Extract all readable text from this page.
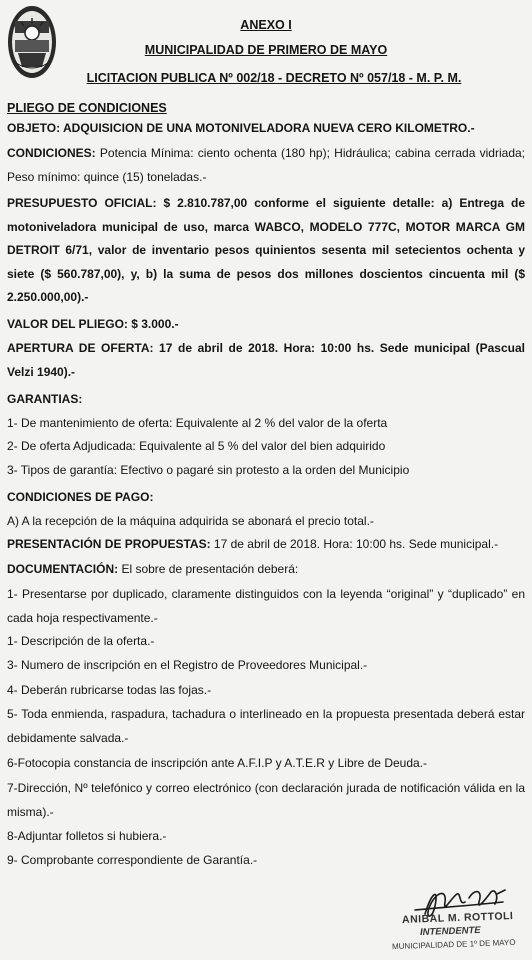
ANEXO I
MUNICIPALIDAD DE PRIMERO DE MAYO
LICITACION PUBLICA Nº 002/18 - DECRETO Nº 057/18 - M. P. M.
PLIEGO DE CONDICIONES
OBJETO: ADQUISICION DE UNA MOTONIVELADORA NUEVA CERO KILOMETRO.-
CONDICIONES: Potencia Mínima: ciento ochenta (180 hp); Hidráulica; cabina cerrada vidriada; Peso mínimo: quince (15) toneladas.-
PRESUPUESTO OFICIAL: $ 2.810.787,00 conforme el siguiente detalle: a) Entrega de motoniveladora municipal de uso, marca WABCO, MODELO 777C, MOTOR MARCA GM DETROIT 6/71, valor de inventario pesos quinientos sesenta mil setecientos ochenta y siete ($ 560.787,00), y, b) la suma de pesos dos millones doscientos cincuenta mil ($ 2.250.000,00).-
VALOR DEL PLIEGO: $ 3.000.-
APERTURA DE OFERTA: 17 de abril de 2018. Hora: 10:00 hs. Sede municipal (Pascual Velzi 1940).-
GARANTIAS:
1- De mantenimiento de oferta: Equivalente al 2 % del valor de la oferta
2- De oferta Adjudicada: Equivalente al 5 % del valor del bien adquirido
3- Tipos de garantía: Efectivo o pagaré sin protesto a la orden del Municipio
CONDICIONES DE PAGO:
A) A la recepción de la máquina adquirida se abonará el precio total.-
PRESENTACIÓN DE PROPUESTAS: 17 de abril de 2018. Hora: 10:00 hs. Sede municipal.-
DOCUMENTACIÓN: El sobre de presentación deberá:
1- Presentarse por duplicado, claramente distinguidos con la leyenda “original” y “duplicado” en cada hoja respectivamente.-
1- Descripción de la oferta.-
3- Numero de inscripción en el Registro de Proveedores Municipal.-
4- Deberán rubricarse todas las fojas.-
5- Toda enmienda, raspadura, tachadura o interlineado en la propuesta presentada deberá estar debidamente salvada.-
6-Fotocopia constancia de inscripción ante A.F.I.P y A.T.E.R y Libre de Deuda.-
7-Dirección, Nº telefónico y correo electrónico (con declaración jurada de notificación válida en la misma).-
8-Adjuntar folletos si hubiera.-
9- Comprobante correspondiente de Garantía.-
ANIBAL M. ROTTOLI
INTENDENTE
MUNICIPALIDAD DE 1º DE MAYO
